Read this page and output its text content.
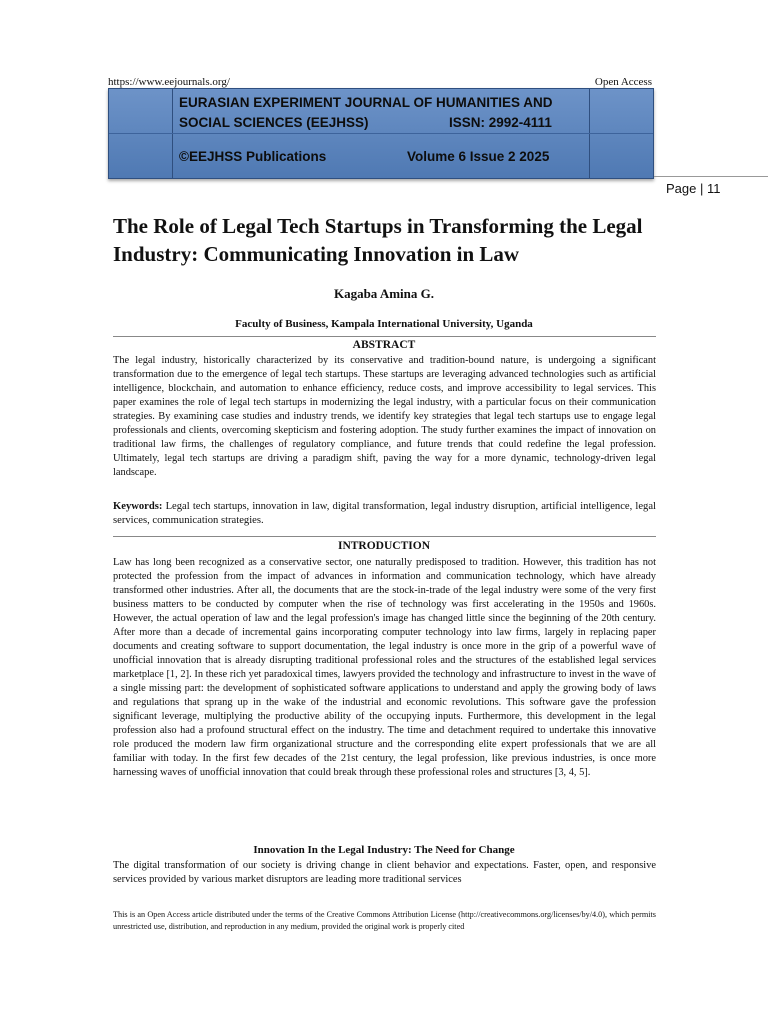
https://www.eejournals.org/	Open Access
EURASIAN EXPERIMENT JOURNAL OF HUMANITIES AND
SOCIAL SCIENCES (EEJHSS)	ISSN: 2992-4111
©EEJHSS Publications	Volume 6 Issue 2 2025
Page | 11
The Role of Legal Tech Startups in Transforming the Legal Industry: Communicating Innovation in Law
Kagaba Amina G.
Faculty of Business, Kampala International University, Uganda
ABSTRACT
The legal industry, historically characterized by its conservative and tradition-bound nature, is undergoing a significant transformation due to the emergence of legal tech startups. These startups are leveraging advanced technologies such as artificial intelligence, blockchain, and automation to enhance efficiency, reduce costs, and improve accessibility to legal services. This paper examines the role of legal tech startups in modernizing the legal industry, with a particular focus on their communication strategies. By examining case studies and industry trends, we identify key strategies that legal tech startups use to engage legal professionals and clients, overcoming skepticism and fostering adoption. The study further examines the impact of innovation on traditional law firms, the challenges of regulatory compliance, and future trends that could redefine the legal profession. Ultimately, legal tech startups are driving a paradigm shift, paving the way for a more dynamic, technology-driven legal landscape.
Keywords: Legal tech startups, innovation in law, digital transformation, legal industry disruption, artificial intelligence, legal services, communication strategies.
INTRODUCTION
Law has long been recognized as a conservative sector, one naturally predisposed to tradition. However, this tradition has not protected the profession from the impact of advances in information and communication technology, which have already transformed other industries. After all, the documents that are the stock-in-trade of the legal industry were some of the very first business matters to be conducted by computer when the rise of technology was first accelerating in the 1950s and 1960s. However, the actual operation of law and the legal profession's image has changed little since the beginning of the 20th century. After more than a decade of incremental gains incorporating computer technology into law firms, largely in replacing paper documents and creating software to support documentation, the legal industry is once more in the grip of a powerful wave of unofficial innovation that is already disrupting traditional professional roles and the structures of the established legal services marketplace [1, 2]. In these rich yet paradoxical times, lawyers provided the technology and infrastructure to invest in the wave of a single missing part: the development of sophisticated software applications to understand and apply the growing body of laws and regulations that sprang up in the wake of the industrial and economic revolutions. This software gave the profession significant leverage, multiplying the productive ability of the occupying inputs. Furthermore, this development in the legal profession also had a profound structural effect on the industry. The time and detachment required to undertake this innovative role produced the modern law firm organizational structure and the corresponding elite expert professionals that we are all familiar with today. In the first few decades of the 21st century, the legal profession, like previous industries, is once more harnessing waves of unofficial innovation that could break through these professional roles and structures [3, 4, 5].
Innovation In the Legal Industry: The Need for Change
The digital transformation of our society is driving change in client behavior and expectations. Faster, open, and responsive services provided by various market disruptors are leading more traditional services
This is an Open Access article distributed under the terms of the Creative Commons Attribution License (http://creativecommons.org/licenses/by/4.0), which permits unrestricted use, distribution, and reproduction in any medium, provided the original work is properly cited
